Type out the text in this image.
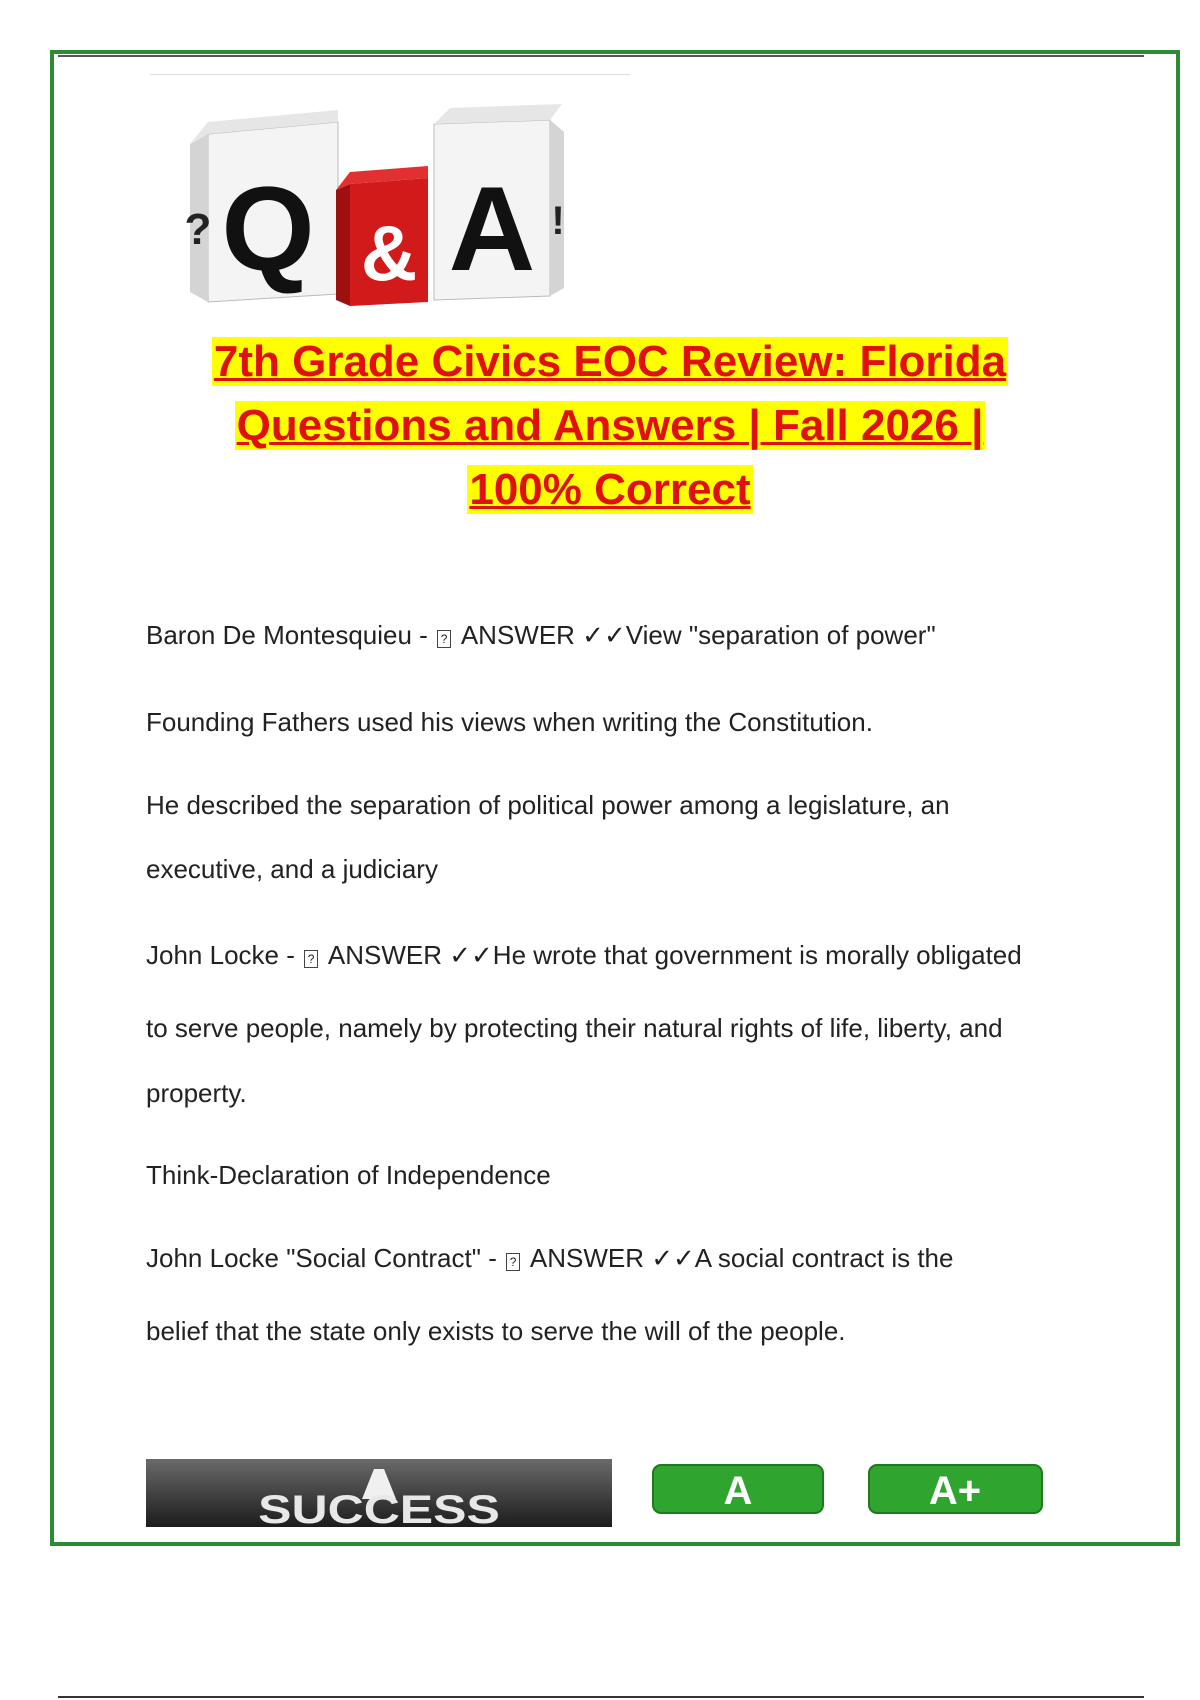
Q
? & A !
7th Grade Civics EOC Review: Florida
Questions and Answers | Fall 2026 |
100% Correct
Baron De Montesquieu - ? ANSWER ✓✓View "separation of power"
Founding Fathers used his views when writing the Constitution.
He described the separation of political power among a legislature, an
executive, and a judiciary
John Locke - ? ANSWER ✓✓He wrote that government is morally obligated
to serve people, namely by protecting their natural rights of life, liberty, and
property.
Think-Declaration of Independence
John Locke "Social Contract" - ? ANSWER ✓✓A social contract is the
belief that the state only exists to serve the will of the people.
SUCCESS	A	A+
